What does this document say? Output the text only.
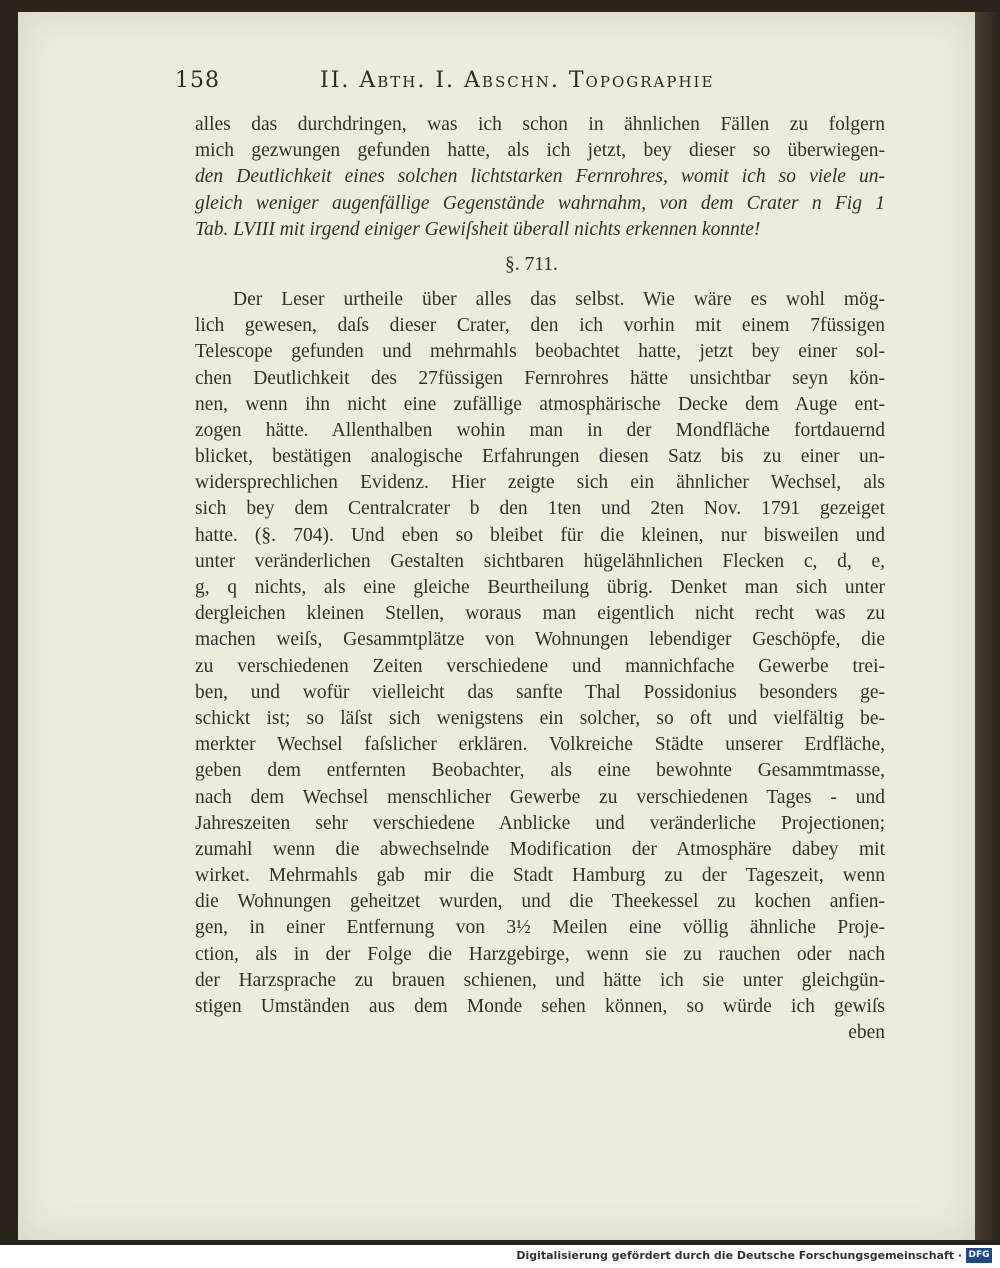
158	II. Abth. I. Abschn. Topographie
alles das durchdringen, was ich schon in ähnlichen Fällen zu folgern
mich gezwungen gefunden hatte, als ich jetzt, bey dieser so überwiegen-
den Deutlichkeit eines solchen lichtstarken Fernrohres, womit ich so viele un-
gleich weniger augenfällige Gegenstände wahrnahm, von dem Crater n Fig 1
Tab. LVIII mit irgend einiger Gewiſsheit überall nichts erkennen konnte!
§. 711.
Der Leser urtheile über alles das selbst. Wie wäre es wohl mög-
lich gewesen, daſs dieser Crater, den ich vorhin mit einem 7füssigen
Telescope gefunden und mehrmahls beobachtet hatte, jetzt bey einer sol-
chen Deutlichkeit des 27füssigen Fernrohres hätte unsichtbar seyn kön-
nen, wenn ihn nicht eine zufällige atmosphärische Decke dem Auge ent-
zogen hätte. Allenthalben wohin man in der Mondfläche fortdauernd
blicket, bestätigen analogische Erfahrungen diesen Satz bis zu einer un-
widersprechlichen Evidenz. Hier zeigte sich ein ähnlicher Wechsel, als
sich bey dem Centralcrater b den 1ten und 2ten Nov. 1791 gezeiget
hatte. (§. 704). Und eben so bleibet für die kleinen, nur bisweilen und
unter veränderlichen Gestalten sichtbaren hügelähnlichen Flecken c, d, e,
g, q nichts, als eine gleiche Beurtheilung übrig. Denket man sich unter
dergleichen kleinen Stellen, woraus man eigentlich nicht recht was zu
machen weiſs, Gesammtplätze von Wohnungen lebendiger Geschöpfe, die
zu verschiedenen Zeiten verschiedene und mannichfache Gewerbe trei-
ben, und wofür vielleicht das sanfte Thal Possidonius besonders ge-
schickt ist; so läſst sich wenigstens ein solcher, so oft und vielfältig be-
merkter Wechsel faſslicher erklären. Volkreiche Städte unserer Erdfläche,
geben dem entfernten Beobachter, als eine bewohnte Gesammtmasse,
nach dem Wechsel menschlicher Gewerbe zu verschiedenen Tages - und
Jahreszeiten sehr verschiedene Anblicke und veränderliche Projectionen;
zumahl wenn die abwechselnde Modification der Atmosphäre dabey mit
wirket. Mehrmahls gab mir die Stadt Hamburg zu der Tageszeit, wenn
die Wohnungen geheitzet wurden, und die Theekessel zu kochen anfien-
gen, in einer Entfernung von 3½ Meilen eine völlig ähnliche Proje-
ction, als in der Folge die Harzgebirge, wenn sie zu rauchen oder nach
der Harzsprache zu brauen schienen, und hätte ich sie unter gleichgün-
stigen Umständen aus dem Monde sehen können, so würde ich gewiſs
eben
Digitalisierung gefördert durch die Deutsche Forschungsgemeinschaft · DFG
